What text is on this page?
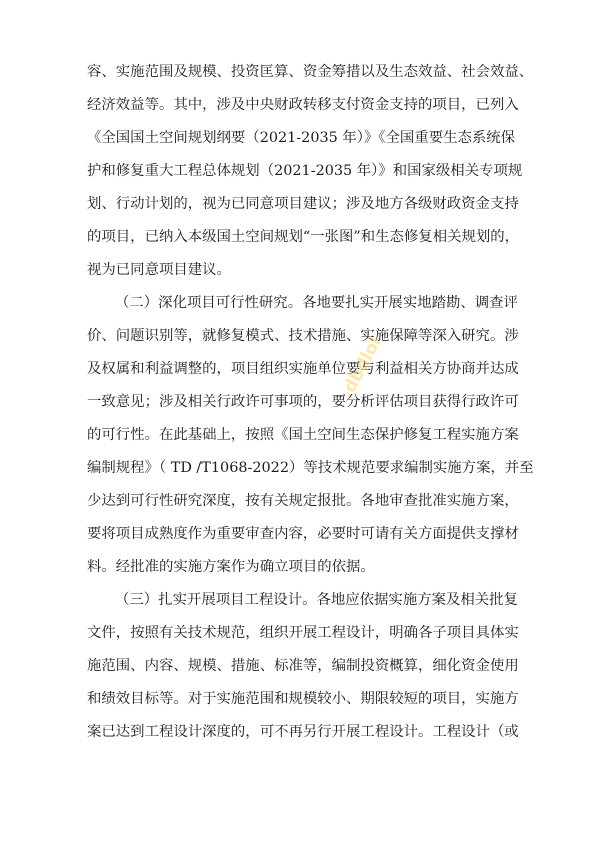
容、实施范围及规模、投资匡算、资金筹措以及生态效益、社会效益、
经济效益等。其中，涉及中央财政转移支付资金支持的项目，已列入
《全国国土空间规划纲要（2021-2035 年）》《全国重要生态系统保
护和修复重大工程总体规划（2021-2035 年）》和国家级相关专项规
划、行动计划的，视为已同意项目建议；涉及地方各级财政资金支持
的项目，已纳入本级国土空间规划“一张图”和生态修复相关规划的，
视为已同意项目建议。
（二）深化项目可行性研究。各地要扎实开展实地踏勘、调查评
价、问题识别等，就修复模式、技术措施、实施保障等深入研究。涉
及权属和利益调整的，项目组织实施单位要与利益相关方协商并达成
一致意见；涉及相关行政许可事项的，要分析评估项目获得行政许可
的可行性。在此基础上，按照《国土空间生态保护修复工程实施方案
编制规程》（ TD /T1068-2022）等技术规范要求编制实施方案，并至
少达到可行性研究深度，按有关规定报批。各地审查批准实施方案，
要将项目成熟度作为重要审查内容，必要时可请有关方面提供支撑材
料。经批准的实施方案作为确立项目的依据。
（三）扎实开展项目工程设计。各地应依据实施方案及相关批复
文件，按照有关技术规范，组织开展工程设计，明确各子项目具体实
施范围、内容、规模、措施、标准等，编制投资概算，细化资金使用
和绩效目标等。对于实施范围和规模较小、期限较短的项目，实施方
案已达到工程设计深度的，可不再另行开展工程设计。工程设计（或
dbdlol
